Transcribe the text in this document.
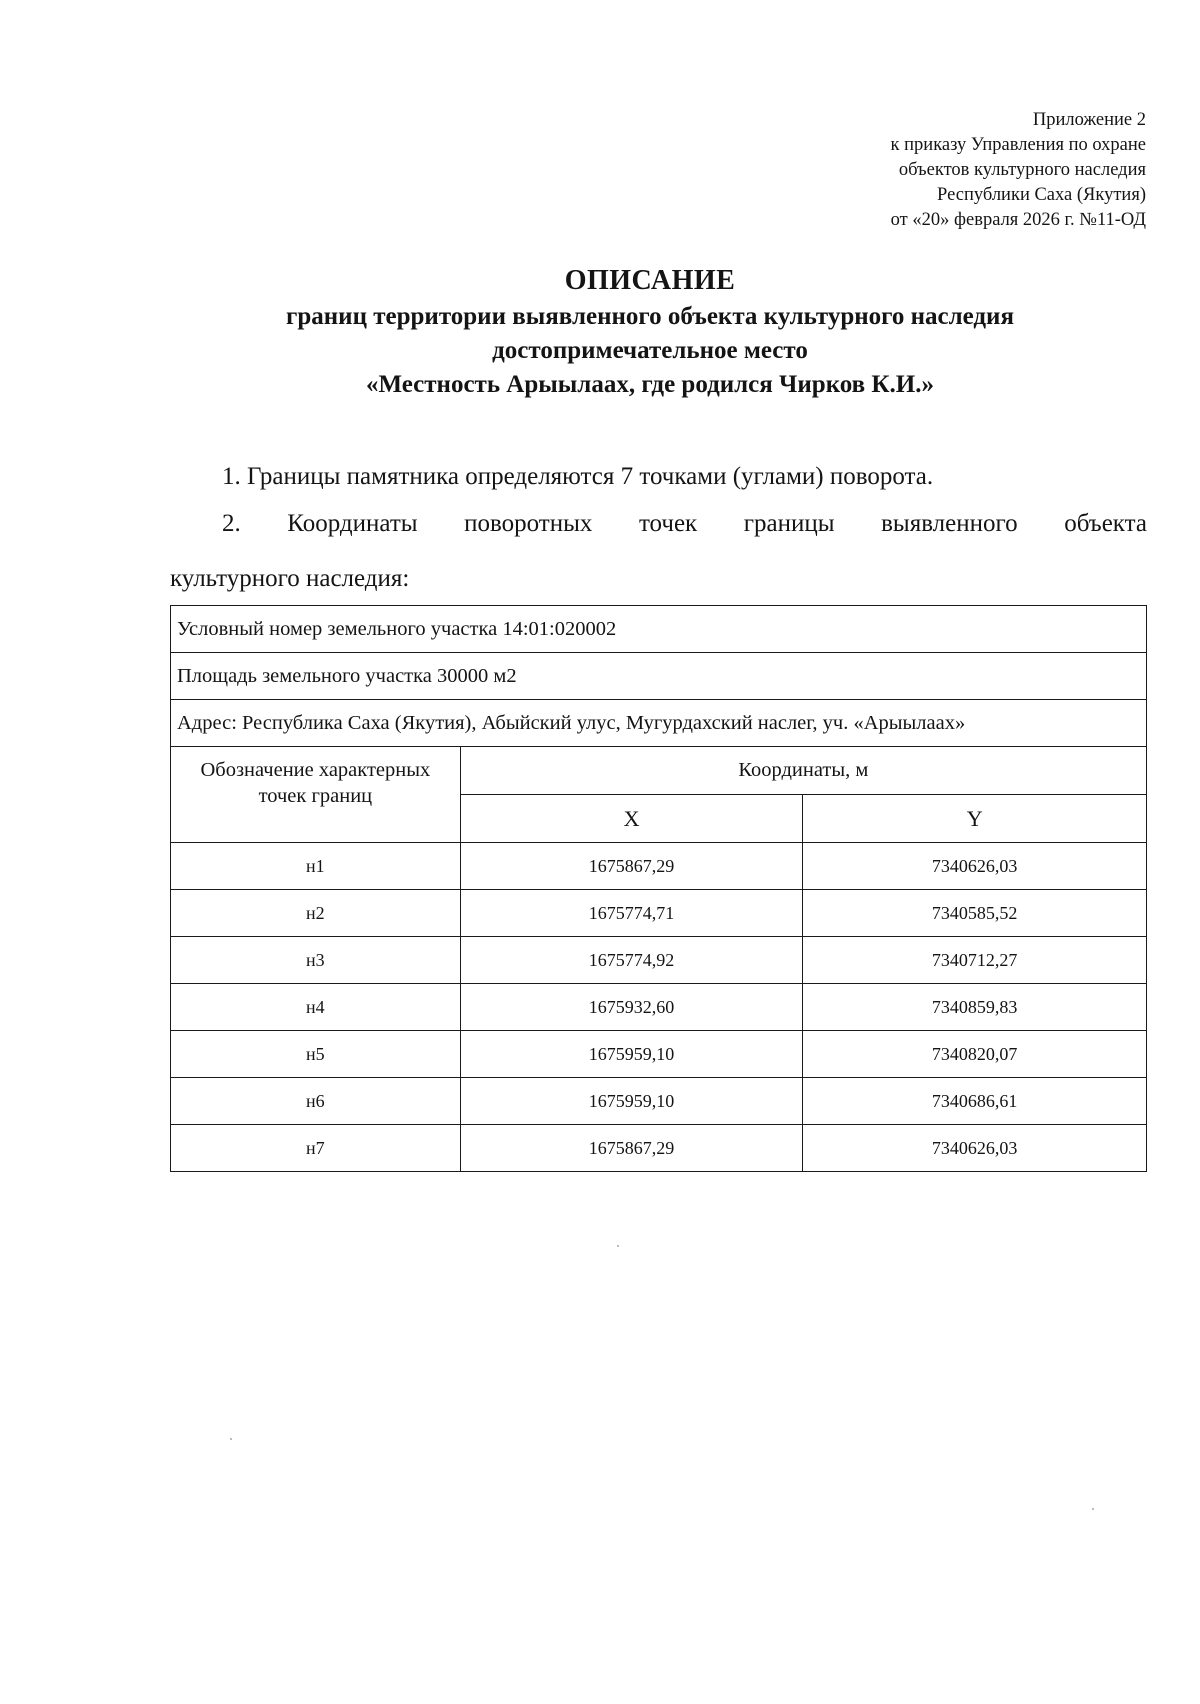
Приложение 2
к приказу Управления по охране
объектов культурного наследия
Республики Саха (Якутия)
от «20» февраля 2026 г. №11-ОД
ОПИСАНИЕ
границ территории выявленного объекта культурного наследия
достопримечательное место
«Местность Арыылаах, где родился Чирков К.И.»
1. Границы памятника определяются 7 точками (углами) поворота.
2. Координаты поворотных точек границы выявленного объекта
культурного наследия:
Условный номер земельного участка 14:01:020002		
Площадь земельного участка 30000 м2		
Адрес: Республика Саха (Якутия), Абыйский улус, Мугурдахский наслег, уч. «Арыылаах»		
Обозначение характерных точек границ	Координаты, м	
	X	Y
н1	1675867,29	7340626,03
н2	1675774,71	7340585,52
н3	1675774,92	7340712,27
н4	1675932,60	7340859,83
н5	1675959,10	7340820,07
н6	1675959,10	7340686,61
н7	1675867,29	7340626,03
